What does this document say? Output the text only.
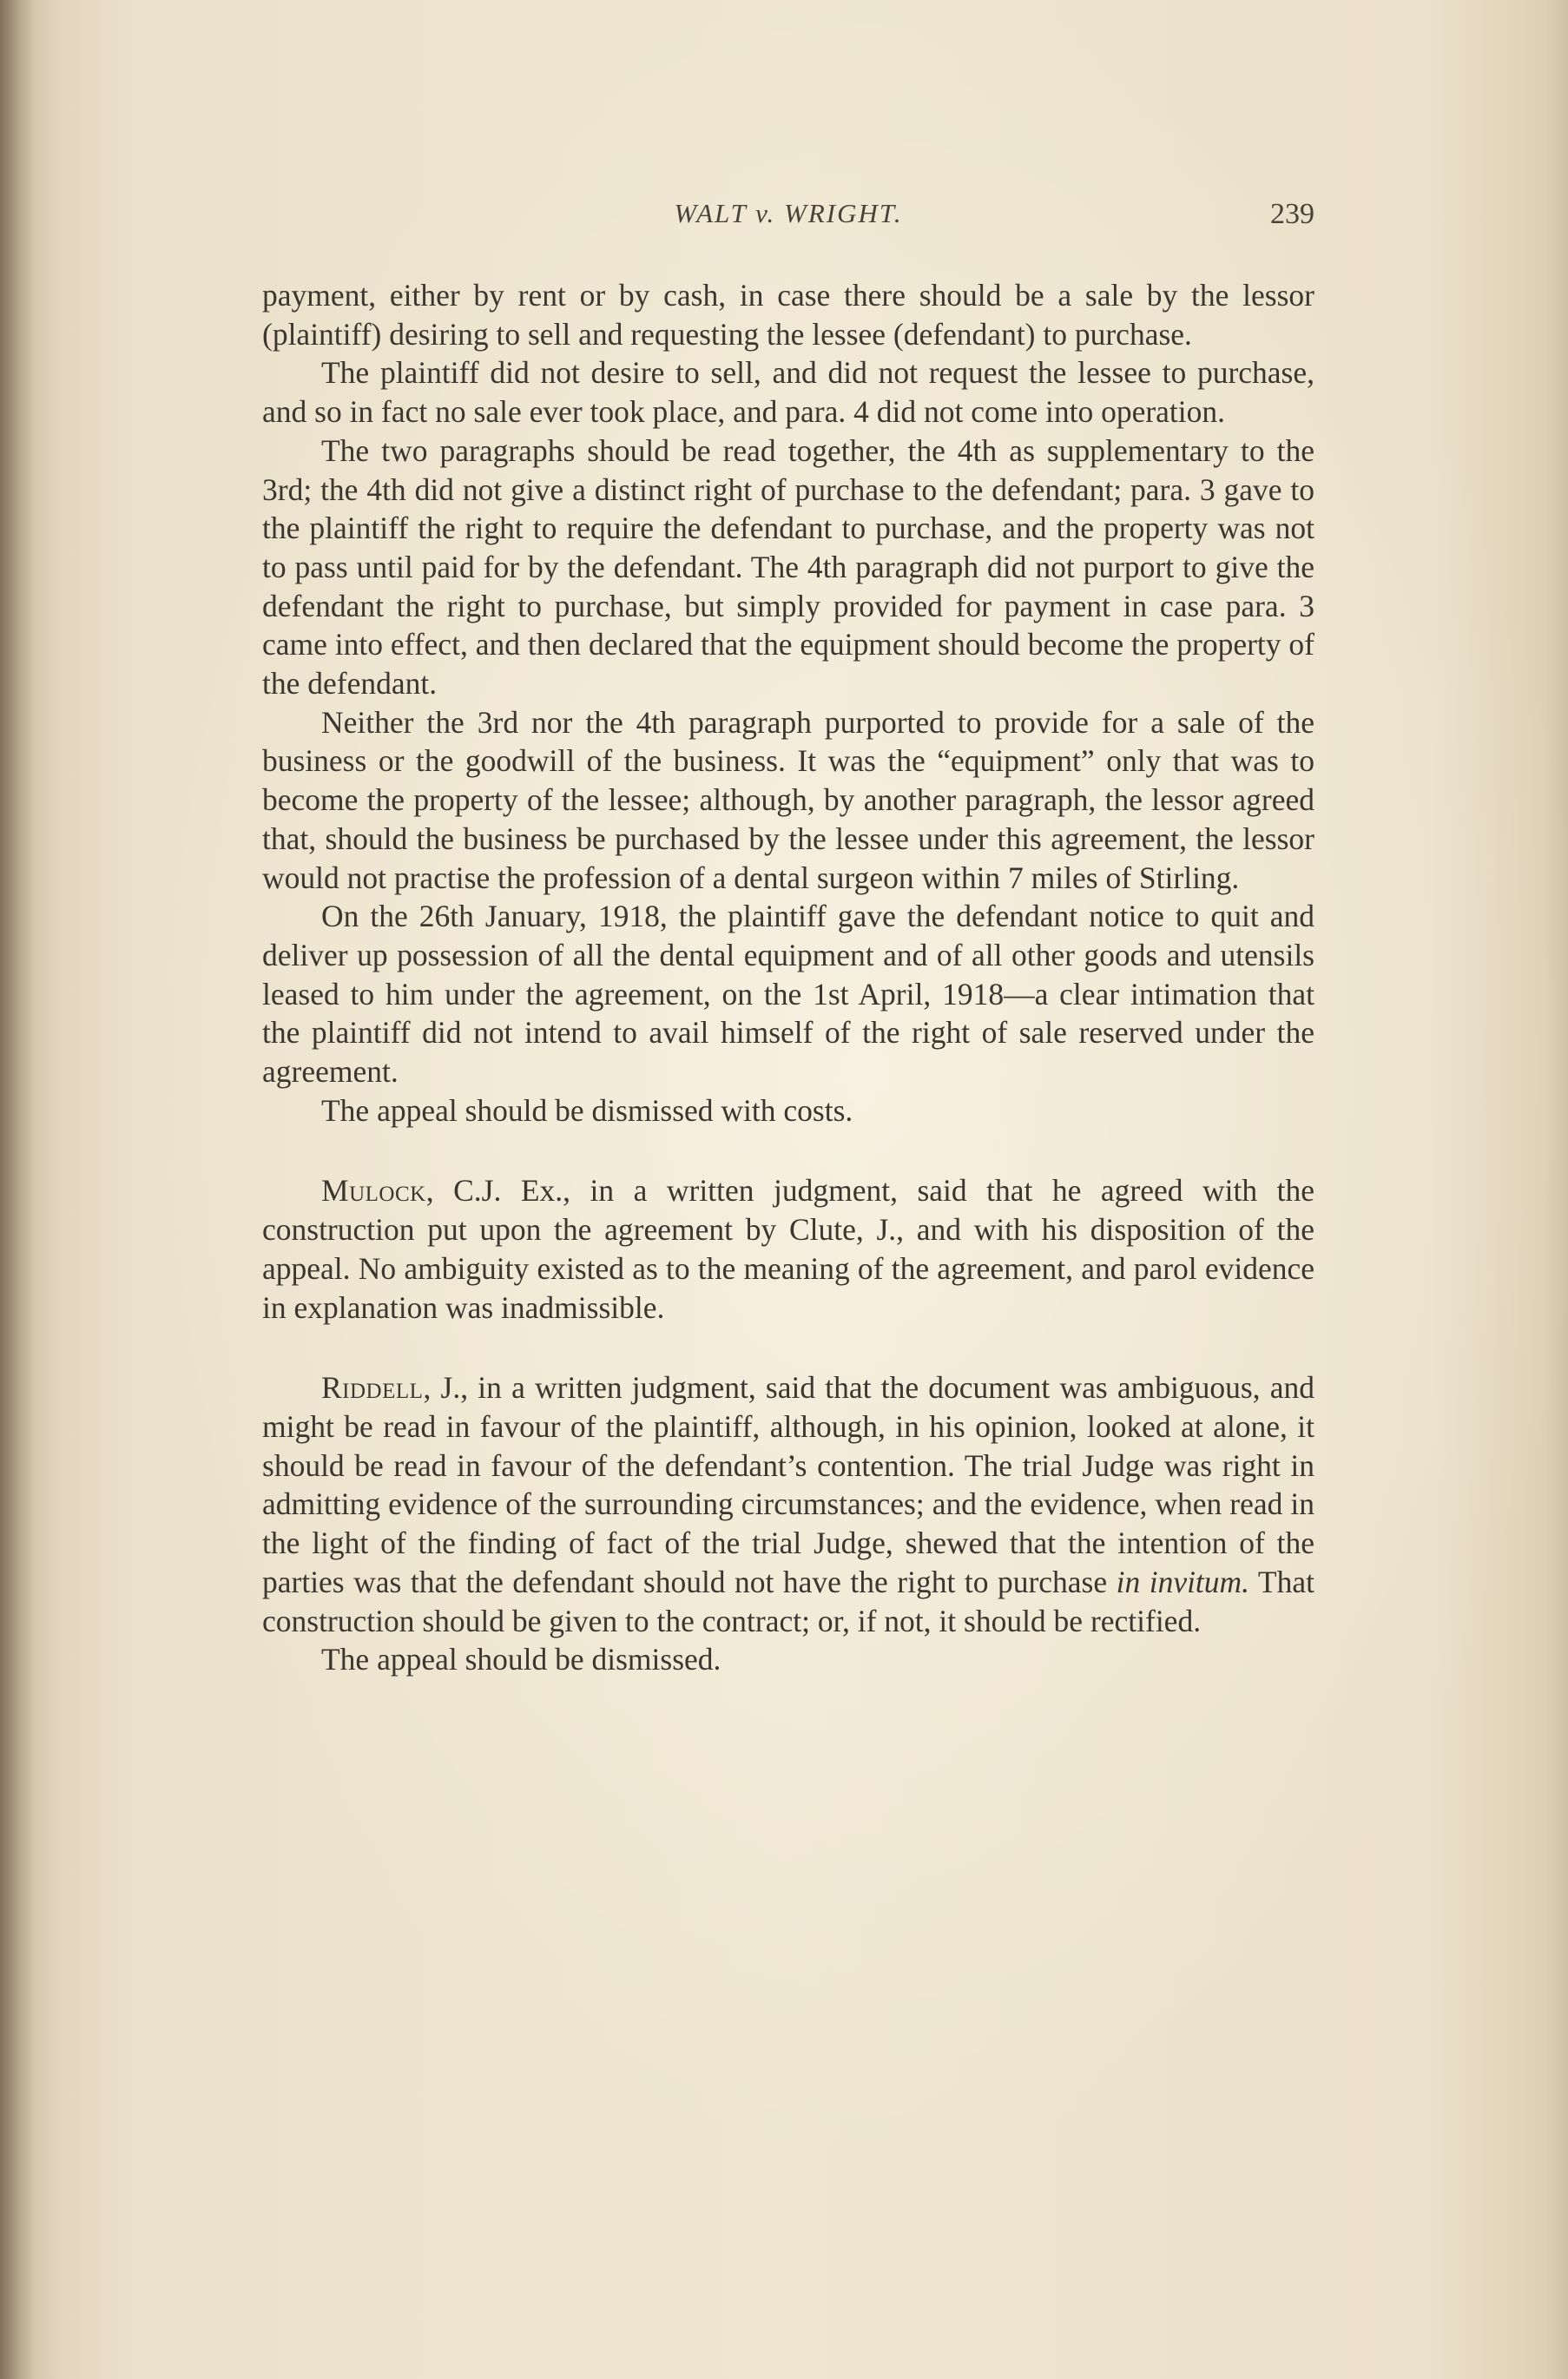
WALT v. WRIGHT.	239

payment, either by rent or by cash, in case there should be a sale by the lessor (plaintiff) desiring to sell and requesting the lessee (defendant) to purchase.

The plaintiff did not desire to sell, and did not request the lessee to purchase, and so in fact no sale ever took place, and para. 4 did not come into operation.

The two paragraphs should be read together, the 4th as supplementary to the 3rd; the 4th did not give a distinct right of purchase to the defendant; para. 3 gave to the plaintiff the right to require the defendant to purchase, and the property was not to pass until paid for by the defendant. The 4th paragraph did not purport to give the defendant the right to purchase, but simply provided for payment in case para. 3 came into effect, and then declared that the equipment should become the property of the defendant.

Neither the 3rd nor the 4th paragraph purported to provide for a sale of the business or the goodwill of the business. It was the “equipment” only that was to become the property of the lessee; although, by another paragraph, the lessor agreed that, should the business be purchased by the lessee under this agreement, the lessor would not practise the profession of a dental surgeon within 7 miles of Stirling.

On the 26th January, 1918, the plaintiff gave the defendant notice to quit and deliver up possession of all the dental equipment and of all other goods and utensils leased to him under the agreement, on the 1st April, 1918—a clear intimation that the plaintiff did not intend to avail himself of the right of sale reserved under the agreement.

The appeal should be dismissed with costs.

Mulock, C.J. Ex., in a written judgment, said that he agreed with the construction put upon the agreement by Clute, J., and with his disposition of the appeal. No ambiguity existed as to the meaning of the agreement, and parol evidence in explanation was inadmissible.

Riddell, J., in a written judgment, said that the document was ambiguous, and might be read in favour of the plaintiff, although, in his opinion, looked at alone, it should be read in favour of the defendant’s contention. The trial Judge was right in admitting evidence of the surrounding circumstances; and the evidence, when read in the light of the finding of fact of the trial Judge, shewed that the intention of the parties was that the defendant should not have the right to purchase in invitum. That construction should be given to the contract; or, if not, it should be rectified.

The appeal should be dismissed.
